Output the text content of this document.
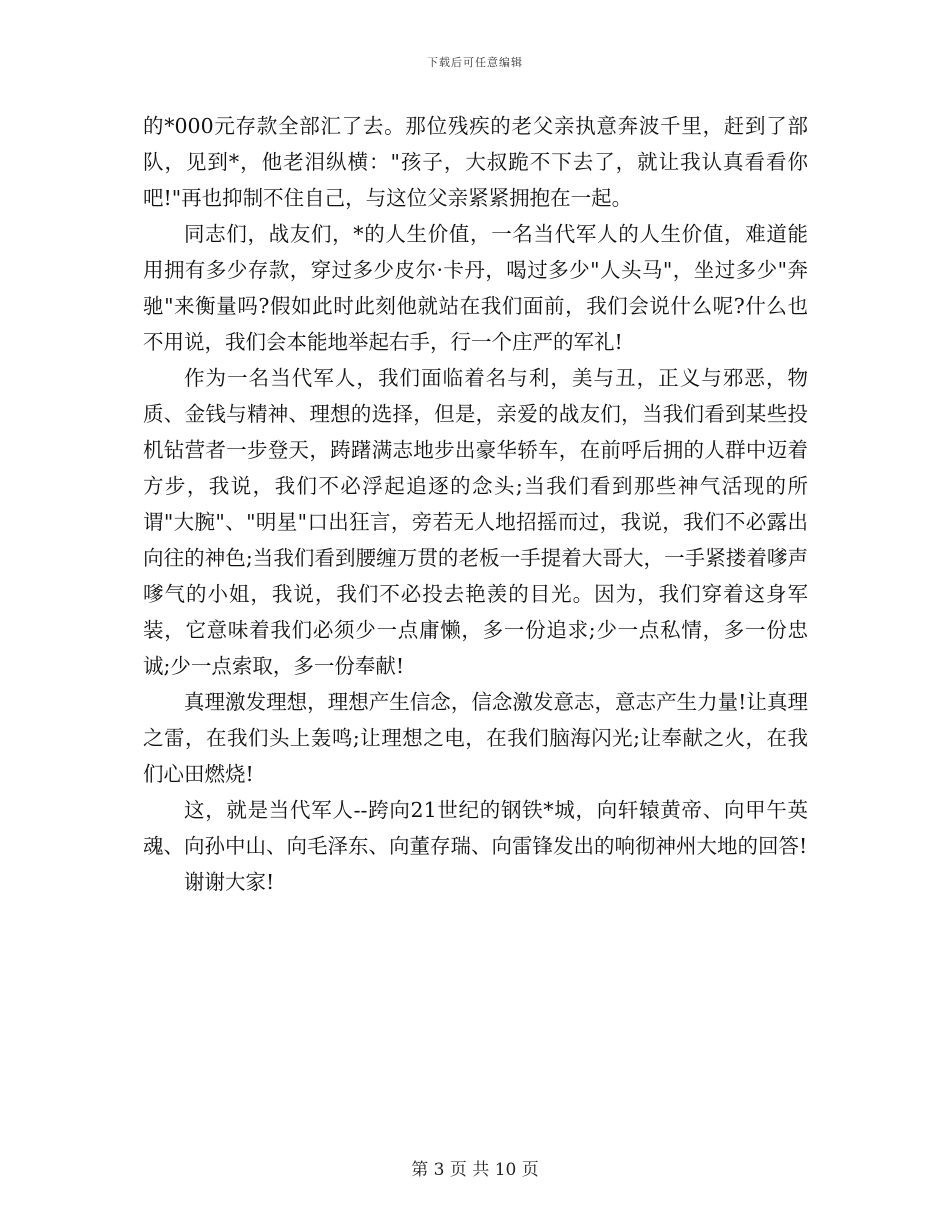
下载后可任意编辑

的*000元存款全部汇了去。那位残疾的老父亲执意奔波千里，赶到了部队，见到*，他老泪纵横："孩子，大叔跪不下去了，就让我认真看看你吧!"再也抑制不住自己，与这位父亲紧紧拥抱在一起。

同志们，战友们，*的人生价值，一名当代军人的人生价值，难道能用拥有多少存款，穿过多少皮尔·卡丹，喝过多少"人头马"，坐过多少"奔驰"来衡量吗?假如此时此刻他就站在我们面前，我们会说什么呢?什么也不用说，我们会本能地举起右手，行一个庄严的军礼!

作为一名当代军人，我们面临着名与利，美与丑，正义与邪恶，物质、金钱与精神、理想的选择，但是，亲爱的战友们，当我们看到某些投机钻营者一步登天，踌躇满志地步出豪华轿车，在前呼后拥的人群中迈着方步，我说，我们不必浮起追逐的念头;当我们看到那些神气活现的所谓"大腕"、"明星"口出狂言，旁若无人地招摇而过，我说，我们不必露出向往的神色;当我们看到腰缠万贯的老板一手提着大哥大，一手紧搂着嗲声嗲气的小姐，我说，我们不必投去艳羡的目光。因为，我们穿着这身军装，它意味着我们必须少一点庸懒，多一份追求;少一点私情，多一份忠诚;少一点索取，多一份奉献!

真理激发理想，理想产生信念，信念激发意志，意志产生力量!让真理之雷，在我们头上轰鸣;让理想之电，在我们脑海闪光;让奉献之火，在我们心田燃烧!

这，就是当代军人--跨向21世纪的钢铁*城，向轩辕黄帝、向甲午英魂、向孙中山、向毛泽东、向董存瑞、向雷锋发出的响彻神州大地的回答!

谢谢大家!

第 3 页 共 10 页
